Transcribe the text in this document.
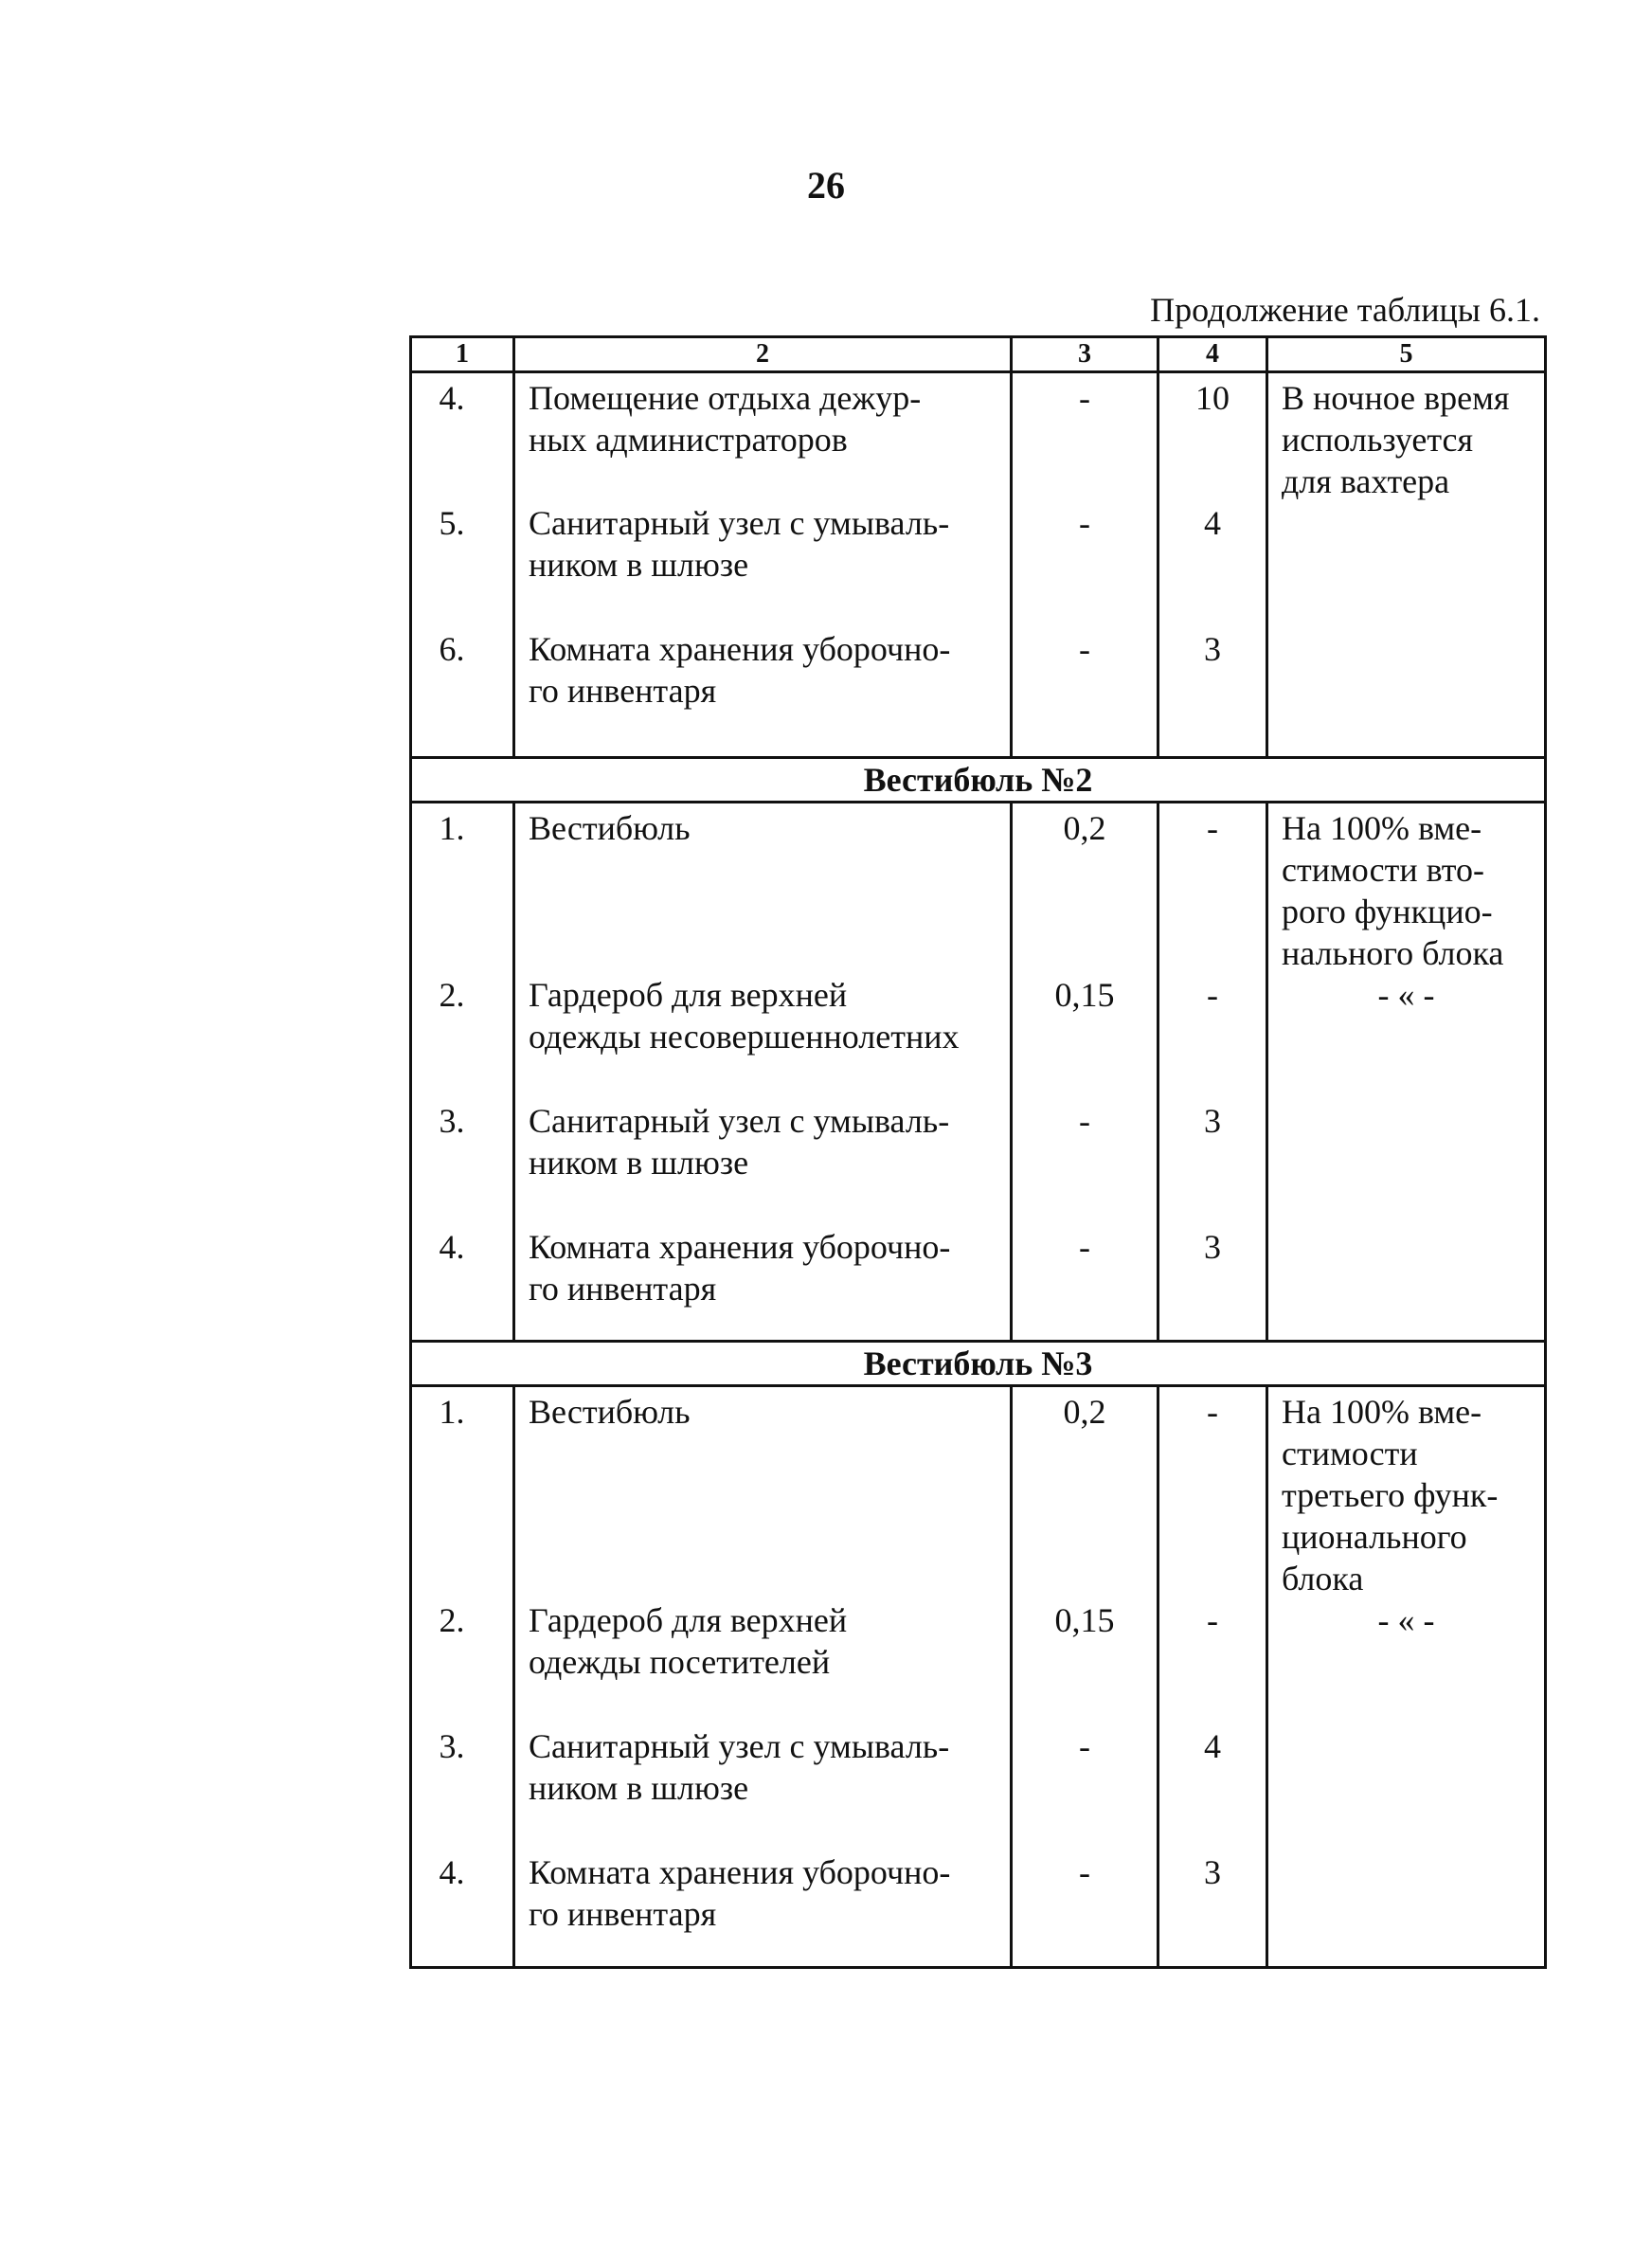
26
Продолжение таблицы 6.1.
1	2	3	4	5

4.	Помещение отдыха дежур-
ных администраторов	-	10	В ночное время
используется
для вахтера

5.	Санитарный узел с умываль-
ником в шлюзе	-	4	

6.	Комната хранения уборочно-
го инвентаря	-	3	

Вестибюль №2				

1.	Вестибюль	0,2	-	На 100% вме-
стимости вто-
рого функцио-
нального блока

2.	Гардероб для верхней
одежды несовершеннолетних	0,15	-	- « -

3.	Санитарный узел с умываль-
ником в шлюзе	-	3	

4.	Комната хранения уборочно-
го инвентаря	-	3	

Вестибюль №3				

1.	Вестибюль	0,2	-	На 100% вме-
стимости
третьего функ-
ционального
блока

2.	Гардероб для верхней
одежды посетителей	0,15	-	- « -

3.	Санитарный узел с умываль-
ником в шлюзе	-	4	

4.	Комната хранения уборочно-
го инвентаря	-	3	
